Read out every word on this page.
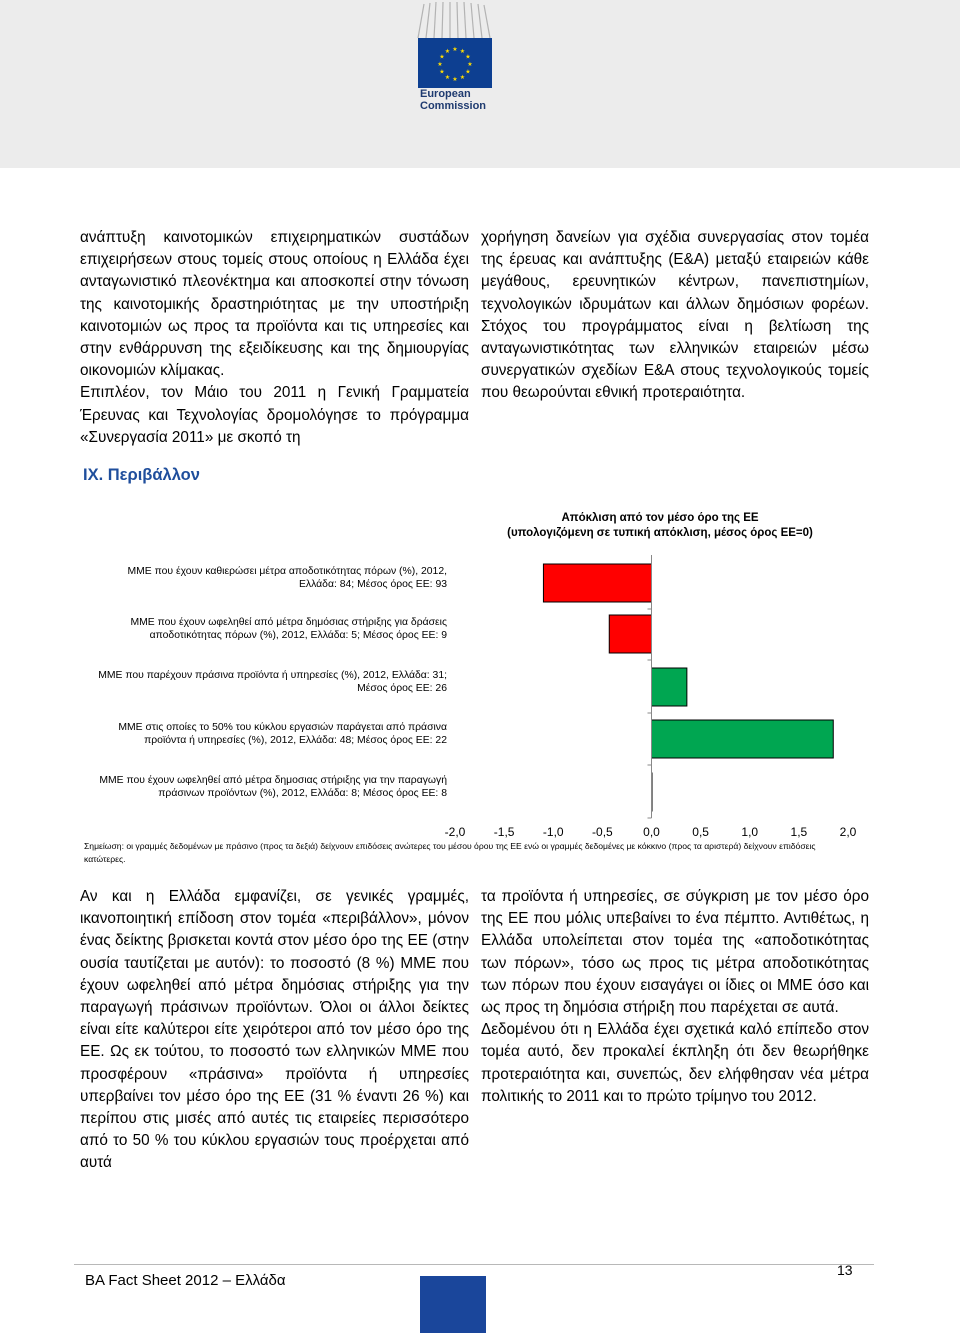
★ ★
★
★
★
★
★
★
★
★
★
★
European
Commission

ανάπτυξη καινοτομικών επιχειρηματικών συστάδων επιχειρήσεων στους τομείς στους οποίους η Ελλάδα έχει ανταγωνιστικό πλεονέκτημα και αποσκοπεί στην τόνωση της καινοτομικής δραστηριότητας με την υποστήριξη καινοτομιών ως προς τα προϊόντα και τις υπηρεσίες και στην ενθάρρυνση της εξειδίκευσης και της δημιουργίας οικονομιών κλίμακας.

Επιπλέον, τον Μάιο του 2011 η Γενική Γραμματεία Έρευνας και Τεχνολογίας δρομολόγησε το πρόγραμμα «Συνεργασία 2011» με σκοπό τη

χορήγηση δανείων για σχέδια συνεργασίας στον τομέα της έρευας και ανάπτυξης (Ε&Α) μεταξύ εταιρειών κάθε μεγάθους, ερευνητικών κέντρων, πανεπιστημίων, τεχνολογικών ιδρυμάτων και άλλων δημόσιων φορέων. Στόχος του προγράμματος είναι η βελτίωση της ανταγωνιστικότητας των ελληνικών εταιρειών μέσω συνεργατικών σχεδίων Ε&Α στους τεχνολογικούς τομείς που θεωρούνται εθνική προτεραιότητα.

IX. Περιβάλλον
Απόκλιση από τον μέσο όρο της ΕΕ
(υπολογιζόμενη σε τυπική απόκλιση, μέσος όρος ΕΕ=0)
ΜΜΕ που έχουν καθιερώσει μέτρα αποδοτικότητας πόρων (%), 2012,
Ελλάδα: 84; Μέσος όρος ΕΕ: 93
ΜΜΕ που έχουν ωφεληθεί από μέτρα δημόσιας στήριξης για δράσεις
αποδοτικότητας πόρων (%), 2012, Ελλάδα: 5; Μέσος όρος ΕΕ: 9
ΜΜΕ που παρέχουν πράσινα προϊόντα ή υπηρεσίες (%), 2012, Ελλάδα: 31;
Μέσος όρος ΕΕ: 26
ΜΜΕ στις οποίες το 50% του κύκλου εργασιών παράγεται από πράσινα
προϊόντα ή υπηρεσίες (%), 2012, Ελλάδα: 48; Μέσος όρος ΕΕ: 22
ΜΜΕ που έχουν ωφεληθεί από μέτρα δημοσιας στήριξης για την παραγωγή
πράσινων προϊόντων (%), 2012, Ελλάδα: 8; Μέσος όρος ΕΕ: 8
-2,0 -1,5 -1,0 -0,5	0,0	0,5	1,0	1,5	2,0
Σημείωση: οι γραμμές δεδομένων με πράσινο (προς τα δεξιά) δείχνουν επιδόσεις ανώτερες του μέσου όρου της ΕΕ ενώ οι γραμμές δεδομένες με κόκκινο (προς τα αριστερά) δείχνουν επιδόσεις
κατώτερες.

Αν και η Ελλάδα εμφανίζει, σε γενικές γραμμές, ικανοποιητική επίδοση στον τομέα «περιβάλλον», μόνον ένας δείκτης βρισκεται κοντά στον μέσο όρο της ΕΕ (στην ουσία ταυτίζεται με αυτόν): το ποσοστό (8 %) ΜΜΕ που έχουν ωφεληθεί από μέτρα δημόσιας στήριξης για την παραγωγή πράσινων προϊόντων. Όλοι οι άλλοι δείκτες είναι είτε καλύτεροι είτε χειρότεροι από τον μέσο όρο της ΕΕ. Ως εκ τούτου, το ποσοστό των ελληνικών ΜΜΕ που προσφέρουν «πράσινα» προϊόντα ή υπηρεσίες υπερβαίνει τον μέσο όρο της ΕΕ (31 % έναντι 26 %) και περίπου στις μισές από αυτές τις εταιρείες περισσότερο από το 50 % του κύκλου εργασιών τους προέρχεται από αυτά

τα προϊόντα ή υπηρεσίες, σε σύγκριση με τον μέσο όρο της ΕΕ που μόλις υπεβαίνει το ένα πέμπτο. Αντιθέτως, η Ελλάδα υπολείπεται στον τομέα της «αποδοτικότητας των πόρων», τόσο ως προς τις μέτρα αποδοτικότητας των πόρων που έχουν εισαγάγει οι ίδιες οι ΜΜΕ όσο και ως προς τη δημόσια στήριξη που παρέχεται σε αυτά.

Δεδομένου ότι η Ελλάδα έχει σχετικά καλό επίπεδο στον τομέα αυτό, δεν προκαλεί έκπληξη ότι δεν θεωρήθηκε προτεραιότητα και, συνεπώς, δεν ελήφθησαν νέα μέτρα πολιτικής το 2011 και το πρώτο τρίμηνο του 2012.

BA Fact Sheet 2012 – Ελλάδα
13
